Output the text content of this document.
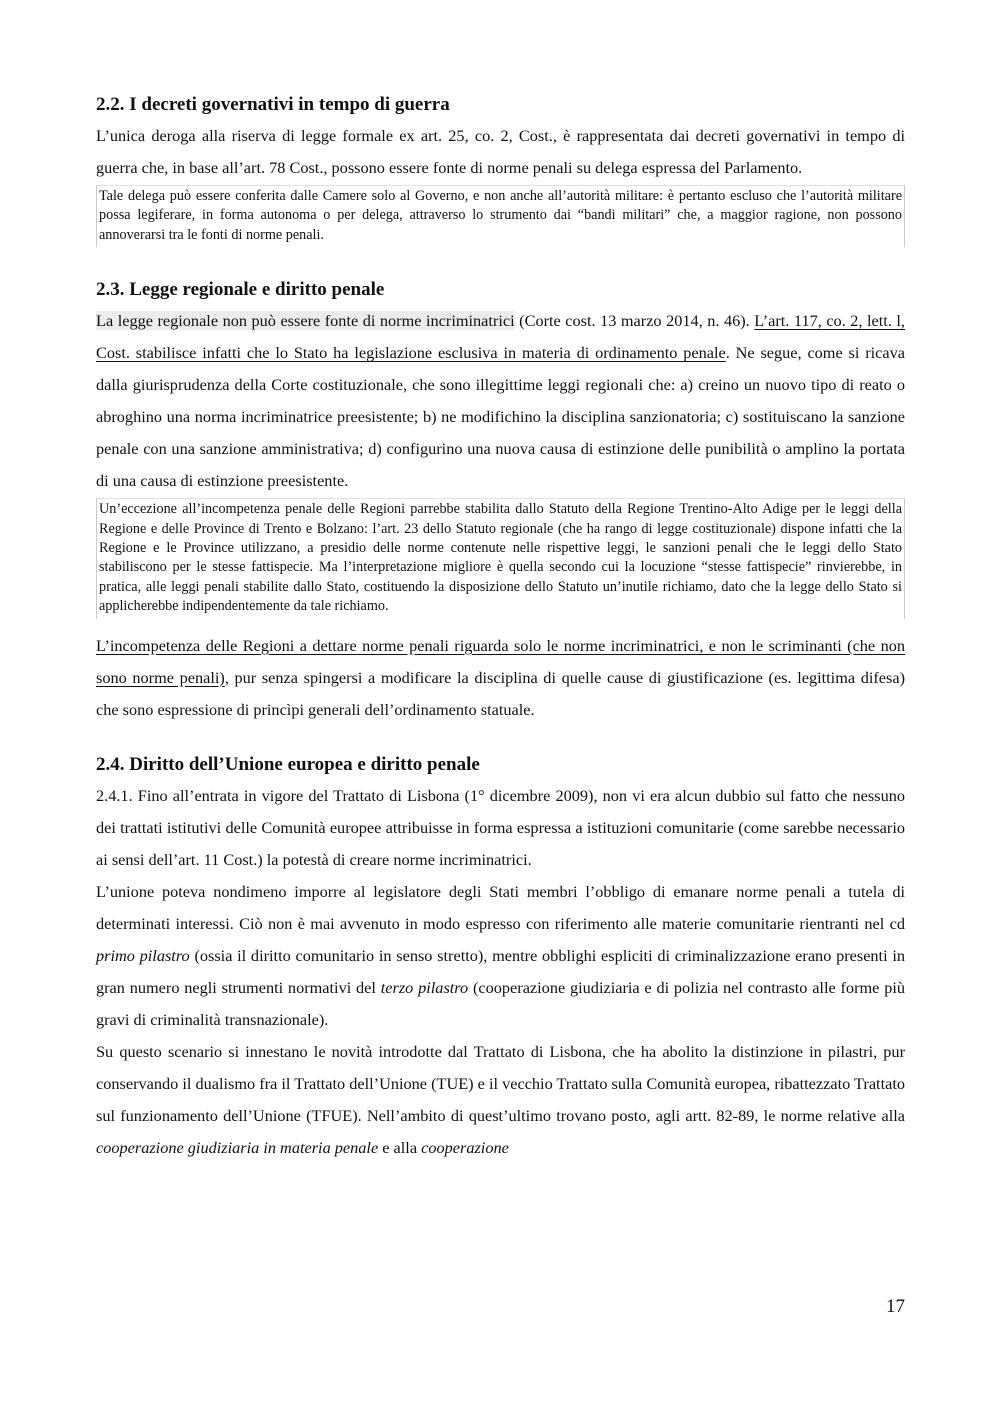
2.2. I decreti governativi in tempo di guerra

L’unica deroga alla riserva di legge formale ex art. 25, co. 2, Cost., è rappresentata dai decreti governativi in tempo di guerra che, in base all’art. 78 Cost., possono essere fonte di norme penali su delega espressa del Parlamento.

Tale delega può essere conferita dalle Camere solo al Governo, e non anche all’autorità militare: è pertanto escluso che l’autorità militare possa legiferare, in forma autonoma o per delega, attraverso lo strumento dai “bandi militari” che, a maggior ragione, non possono annoverarsi tra le fonti di norme penali.
2.3. Legge regionale e diritto penale

La legge regionale non può essere fonte di norme incriminatrici (Corte cost. 13 marzo 2014, n. 46). L’art. 117, co. 2, lett. l, Cost. stabilisce infatti che lo Stato ha legislazione esclusiva in materia di ordinamento penale. Ne segue, come si ricava dalla giurisprudenza della Corte costituzionale, che sono illegittime leggi regionali che: a) creino un nuovo tipo di reato o abroghino una norma incriminatrice preesistente; b) ne modifichino la disciplina sanzionatoria; c) sostituiscano la sanzione penale con una sanzione amministrativa; d) configurino una nuova causa di estinzione delle punibilità o amplino la portata di una causa di estinzione preesistente.

Un’eccezione all’incompetenza penale delle Regioni parrebbe stabilita dallo Statuto della Regione Trentino-Alto Adige per le leggi della Regione e delle Province di Trento e Bolzano: l’art. 23 dello Statuto regionale (che ha rango di legge costituzionale) dispone infatti che la Regione e le Province utilizzano, a presidio delle norme contenute nelle rispettive leggi, le sanzioni penali che le leggi dello Stato stabiliscono per le stesse fattispecie. Ma l’interpretazione migliore è quella secondo cui la locuzione “stesse fattispecie” rinvierebbe, in pratica, alle leggi penali stabilite dallo Stato, costituendo la disposizione dello Statuto un’inutile richiamo, dato che la legge dello Stato si applicherebbe indipendentemente da tale richiamo.

L’incompetenza delle Regioni a dettare norme penali riguarda solo le norme incriminatrici, e non le scriminanti (che non sono norme penali), pur senza spingersi a modificare la disciplina di quelle cause di giustificazione (es. legittima difesa) che sono espressione di princìpi generali dell’ordinamento statuale.

2.4. Diritto dell’Unione europea e diritto penale

2.4.1. Fino all’entrata in vigore del Trattato di Lisbona (1° dicembre 2009), non vi era alcun dubbio sul fatto che nessuno dei trattati istitutivi delle Comunità europee attribuisse in forma espressa a istituzioni comunitarie (come sarebbe necessario ai sensi dell’art. 11 Cost.) la potestà di creare norme incriminatrici.

L’unione poteva nondimeno imporre al legislatore degli Stati membri l’obbligo di emanare norme penali a tutela di determinati interessi. Ciò non è mai avvenuto in modo espresso con riferimento alle materie comunitarie rientranti nel cd primo pilastro (ossia il diritto comunitario in senso stretto), mentre obblighi espliciti di criminalizzazione erano presenti in gran numero negli strumenti normativi del terzo pilastro (cooperazione giudiziaria e di polizia nel contrasto alle forme più gravi di criminalità transnazionale).

Su questo scenario si innestano le novità introdotte dal Trattato di Lisbona, che ha abolito la distinzione in pilastri, pur conservando il dualismo fra il Trattato dell’Unione (TUE) e il vecchio Trattato sulla Comunità europea, ribattezzato Trattato sul funzionamento dell’Unione (TFUE). Nell’ambito di quest’ultimo trovano posto, agli artt. 82-89, le norme relative alla cooperazione giudiziaria in materia penale e alla cooperazione

17
